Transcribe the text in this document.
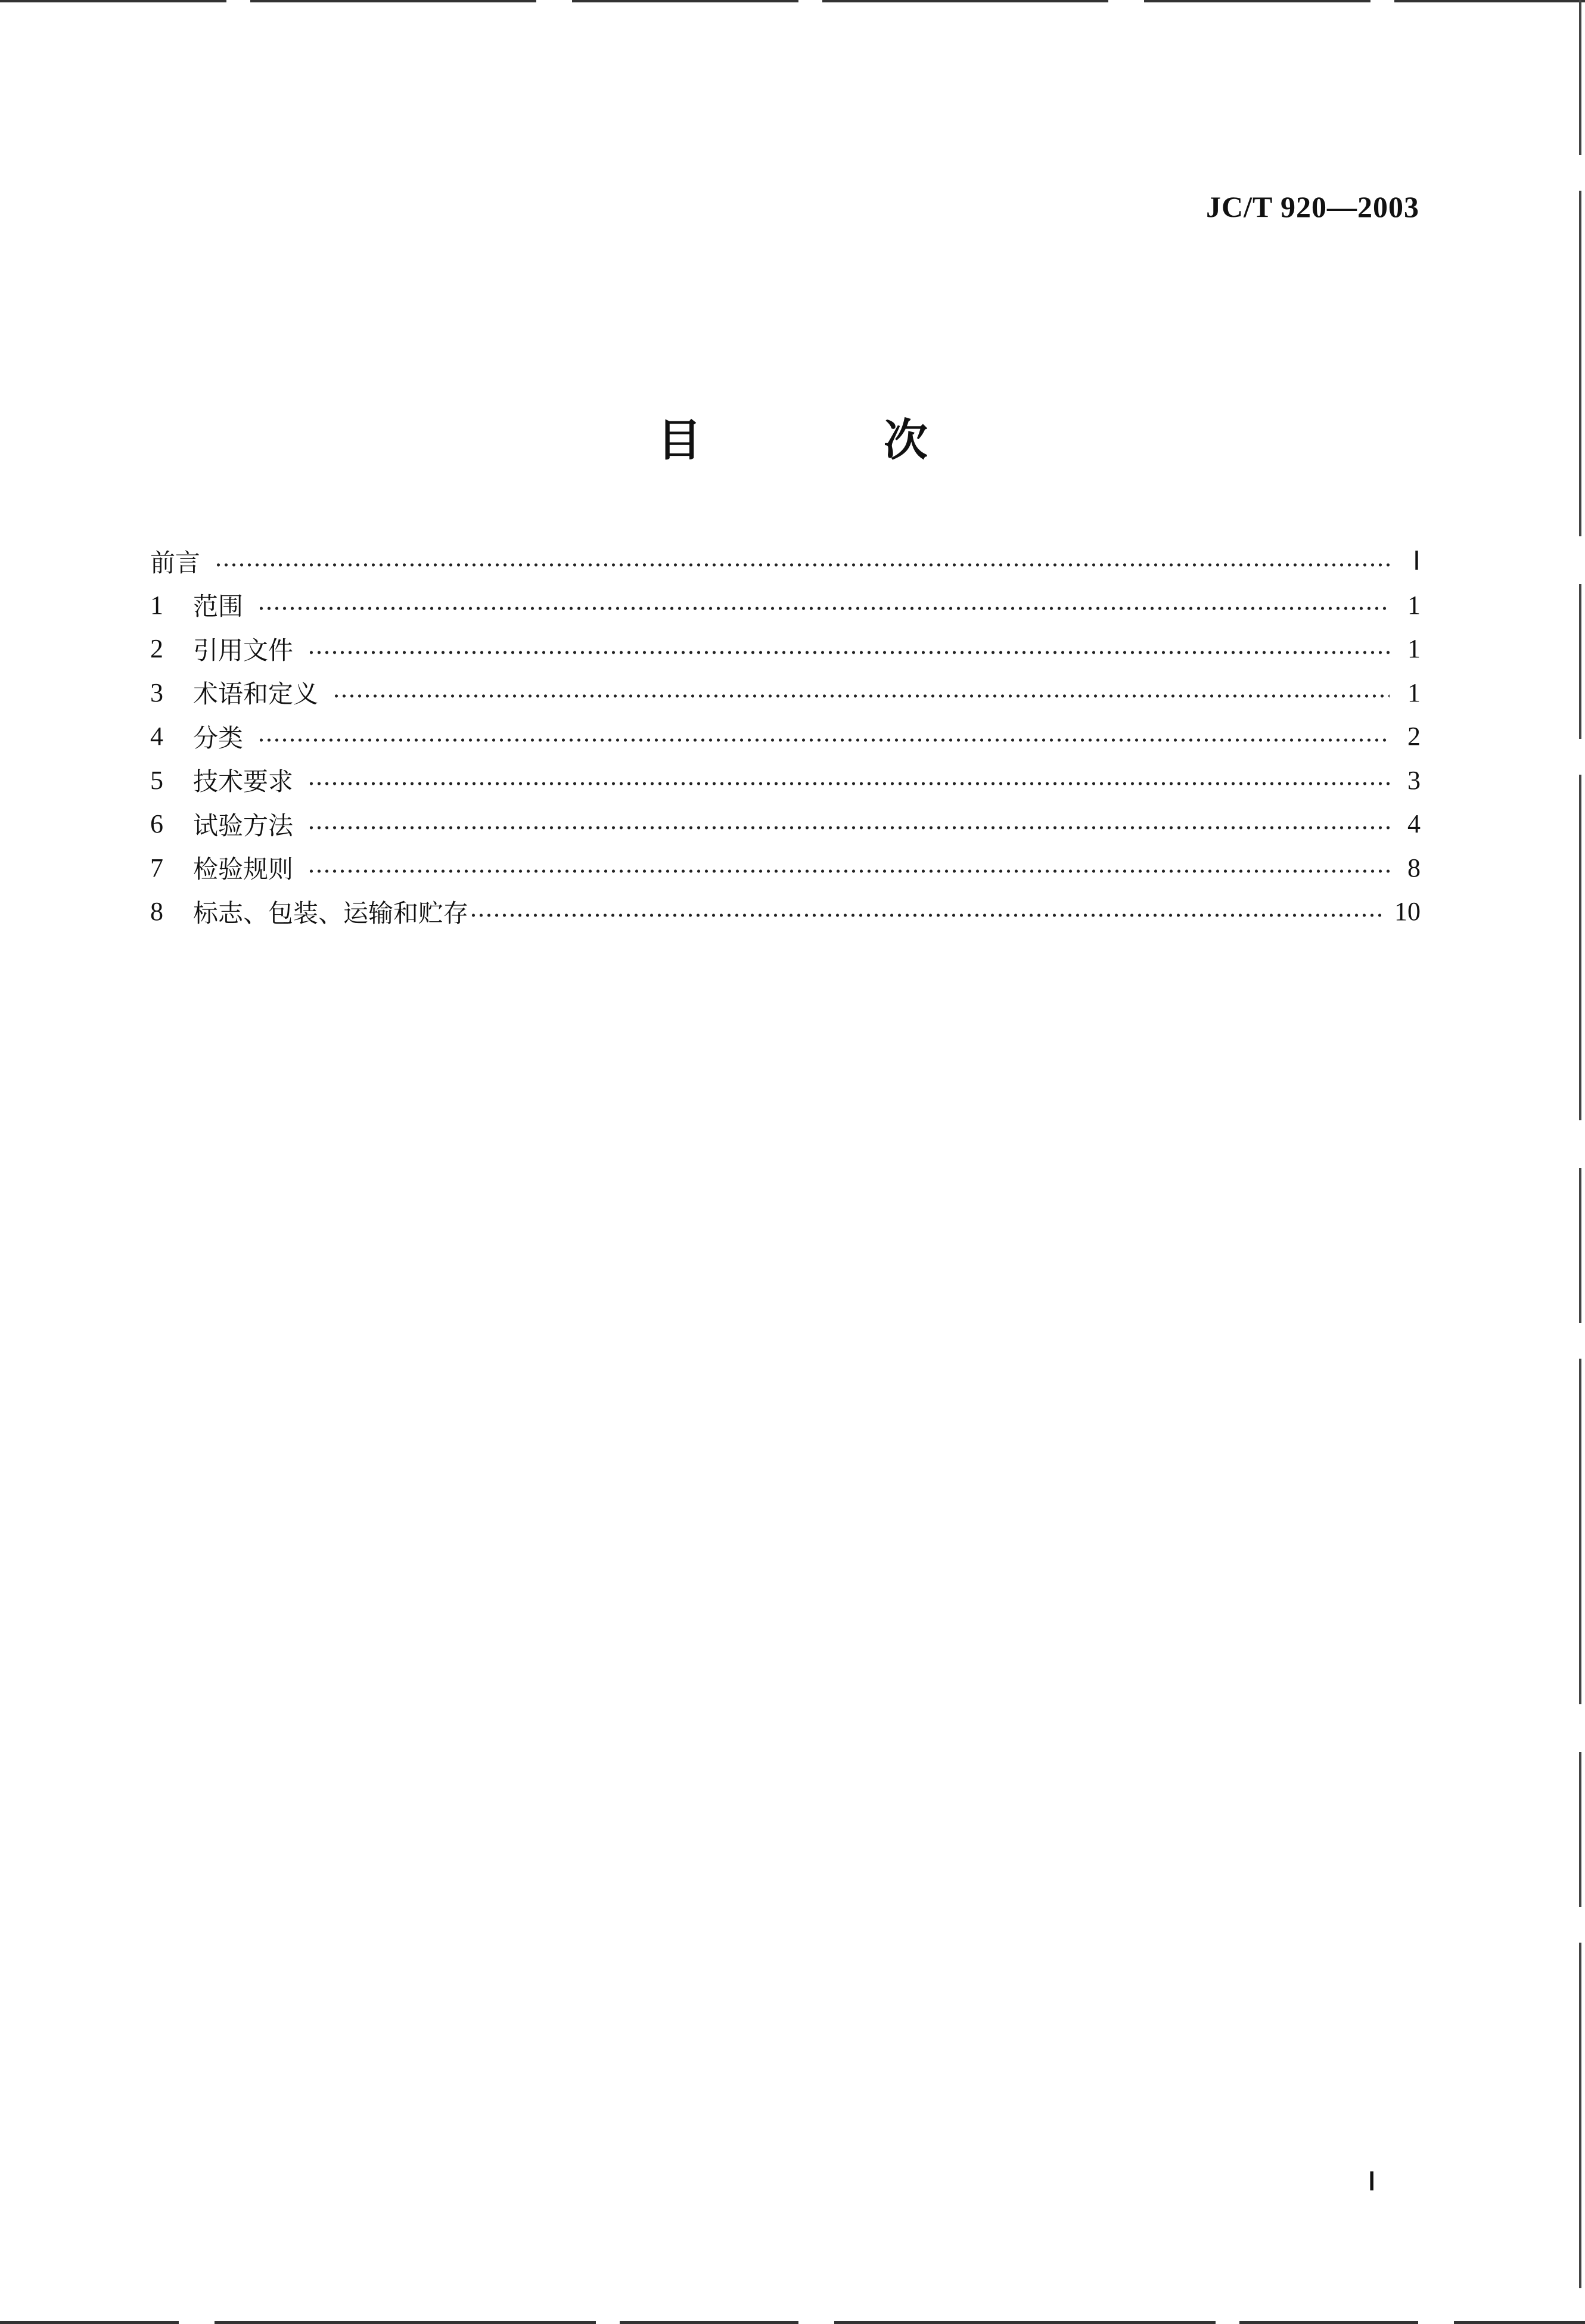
JC/T 920—2003
目 次
前言	Ⅰ
1	范围	1
2	引用文件	1
3	术语和定义	1
4	分类	2
5	技术要求	3
6	试验方法	4
7	检验规则	8
8	标志、包装、运输和贮存	10
Ⅰ
